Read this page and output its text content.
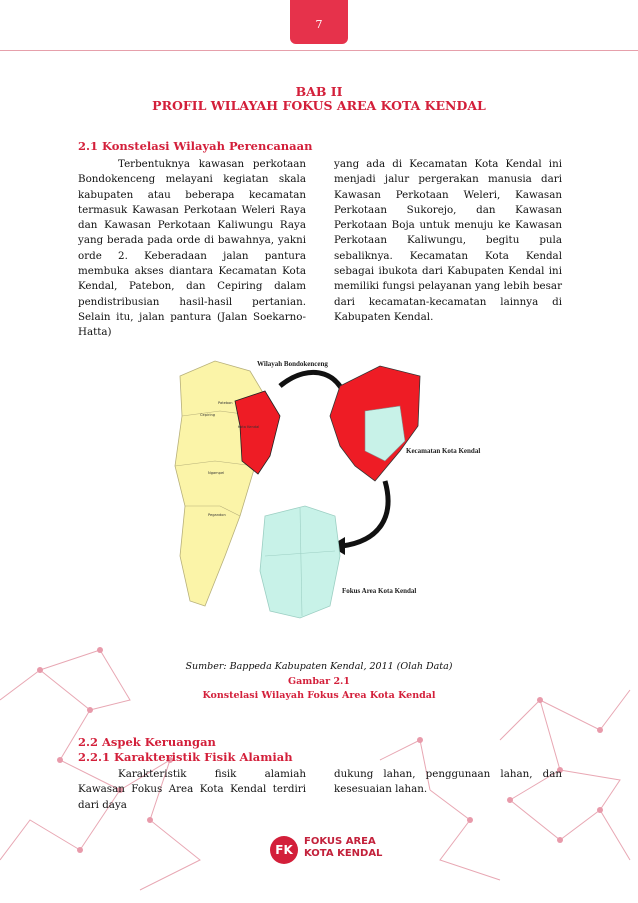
7
BAB II
PROFIL WILAYAH FOKUS AREA KOTA KENDAL
2.1 Konstelasi Wilayah Perencanaan

Terbentuknya kawasan perkotaan Bondokenceng melayani kegiatan skala kabupaten atau beberapa kecamatan termasuk Kawasan Perkotaan Weleri Raya dan Kawasan Perkotaan Kaliwungu Raya yang berada pada orde di bawahnya, yakni orde 2. Keberadaan jalan pantura membuka akses diantara Kecamatan Kota Kendal, Patebon, dan Cepiring dalam pendistribusian hasil-hasil pertanian. Selain itu, jalan pantura (Jalan Soekarno-Hatta)

yang ada di Kecamatan Kota Kendal ini menjadi jalur pergerakan manusia dari Kawasan Perkotaan Weleri, Kawasan Perkotaan Sukorejo, dan Kawasan Perkotaan Boja untuk menuju ke Kawasan Perkotaan Kaliwungu, begitu pula sebaliknya. Kecamatan Kota Kendal sebagai ibukota dari Kabupaten Kendal ini memiliki fungsi pelayanan yang lebih besar dari kecamatan-kecamatan lainnya di Kabupaten Kendal.

Patebon
Cepiring
Kota Kendal
Ngampel
Pegandon
Wilayah Bondokenceng
Kecamatan Kota Kendal
Fokus Area Kota Kendal
Sumber: Bappeda Kabupaten Kendal, 2011 (Olah Data)
Gambar 2.1
Konstelasi Wilayah Fokus Area Kota Kendal
2.2 Aspek Keruangan
2.2.1 Karakteristik Fisik Alamiah

Karakteristik fisik alamiah Kawasan Fokus Area Kota Kendal terdiri dari daya

dukung lahan, penggunaan lahan, dan kesesuaian lahan.

FK
FOKUS AREA
KOTA KENDAL
